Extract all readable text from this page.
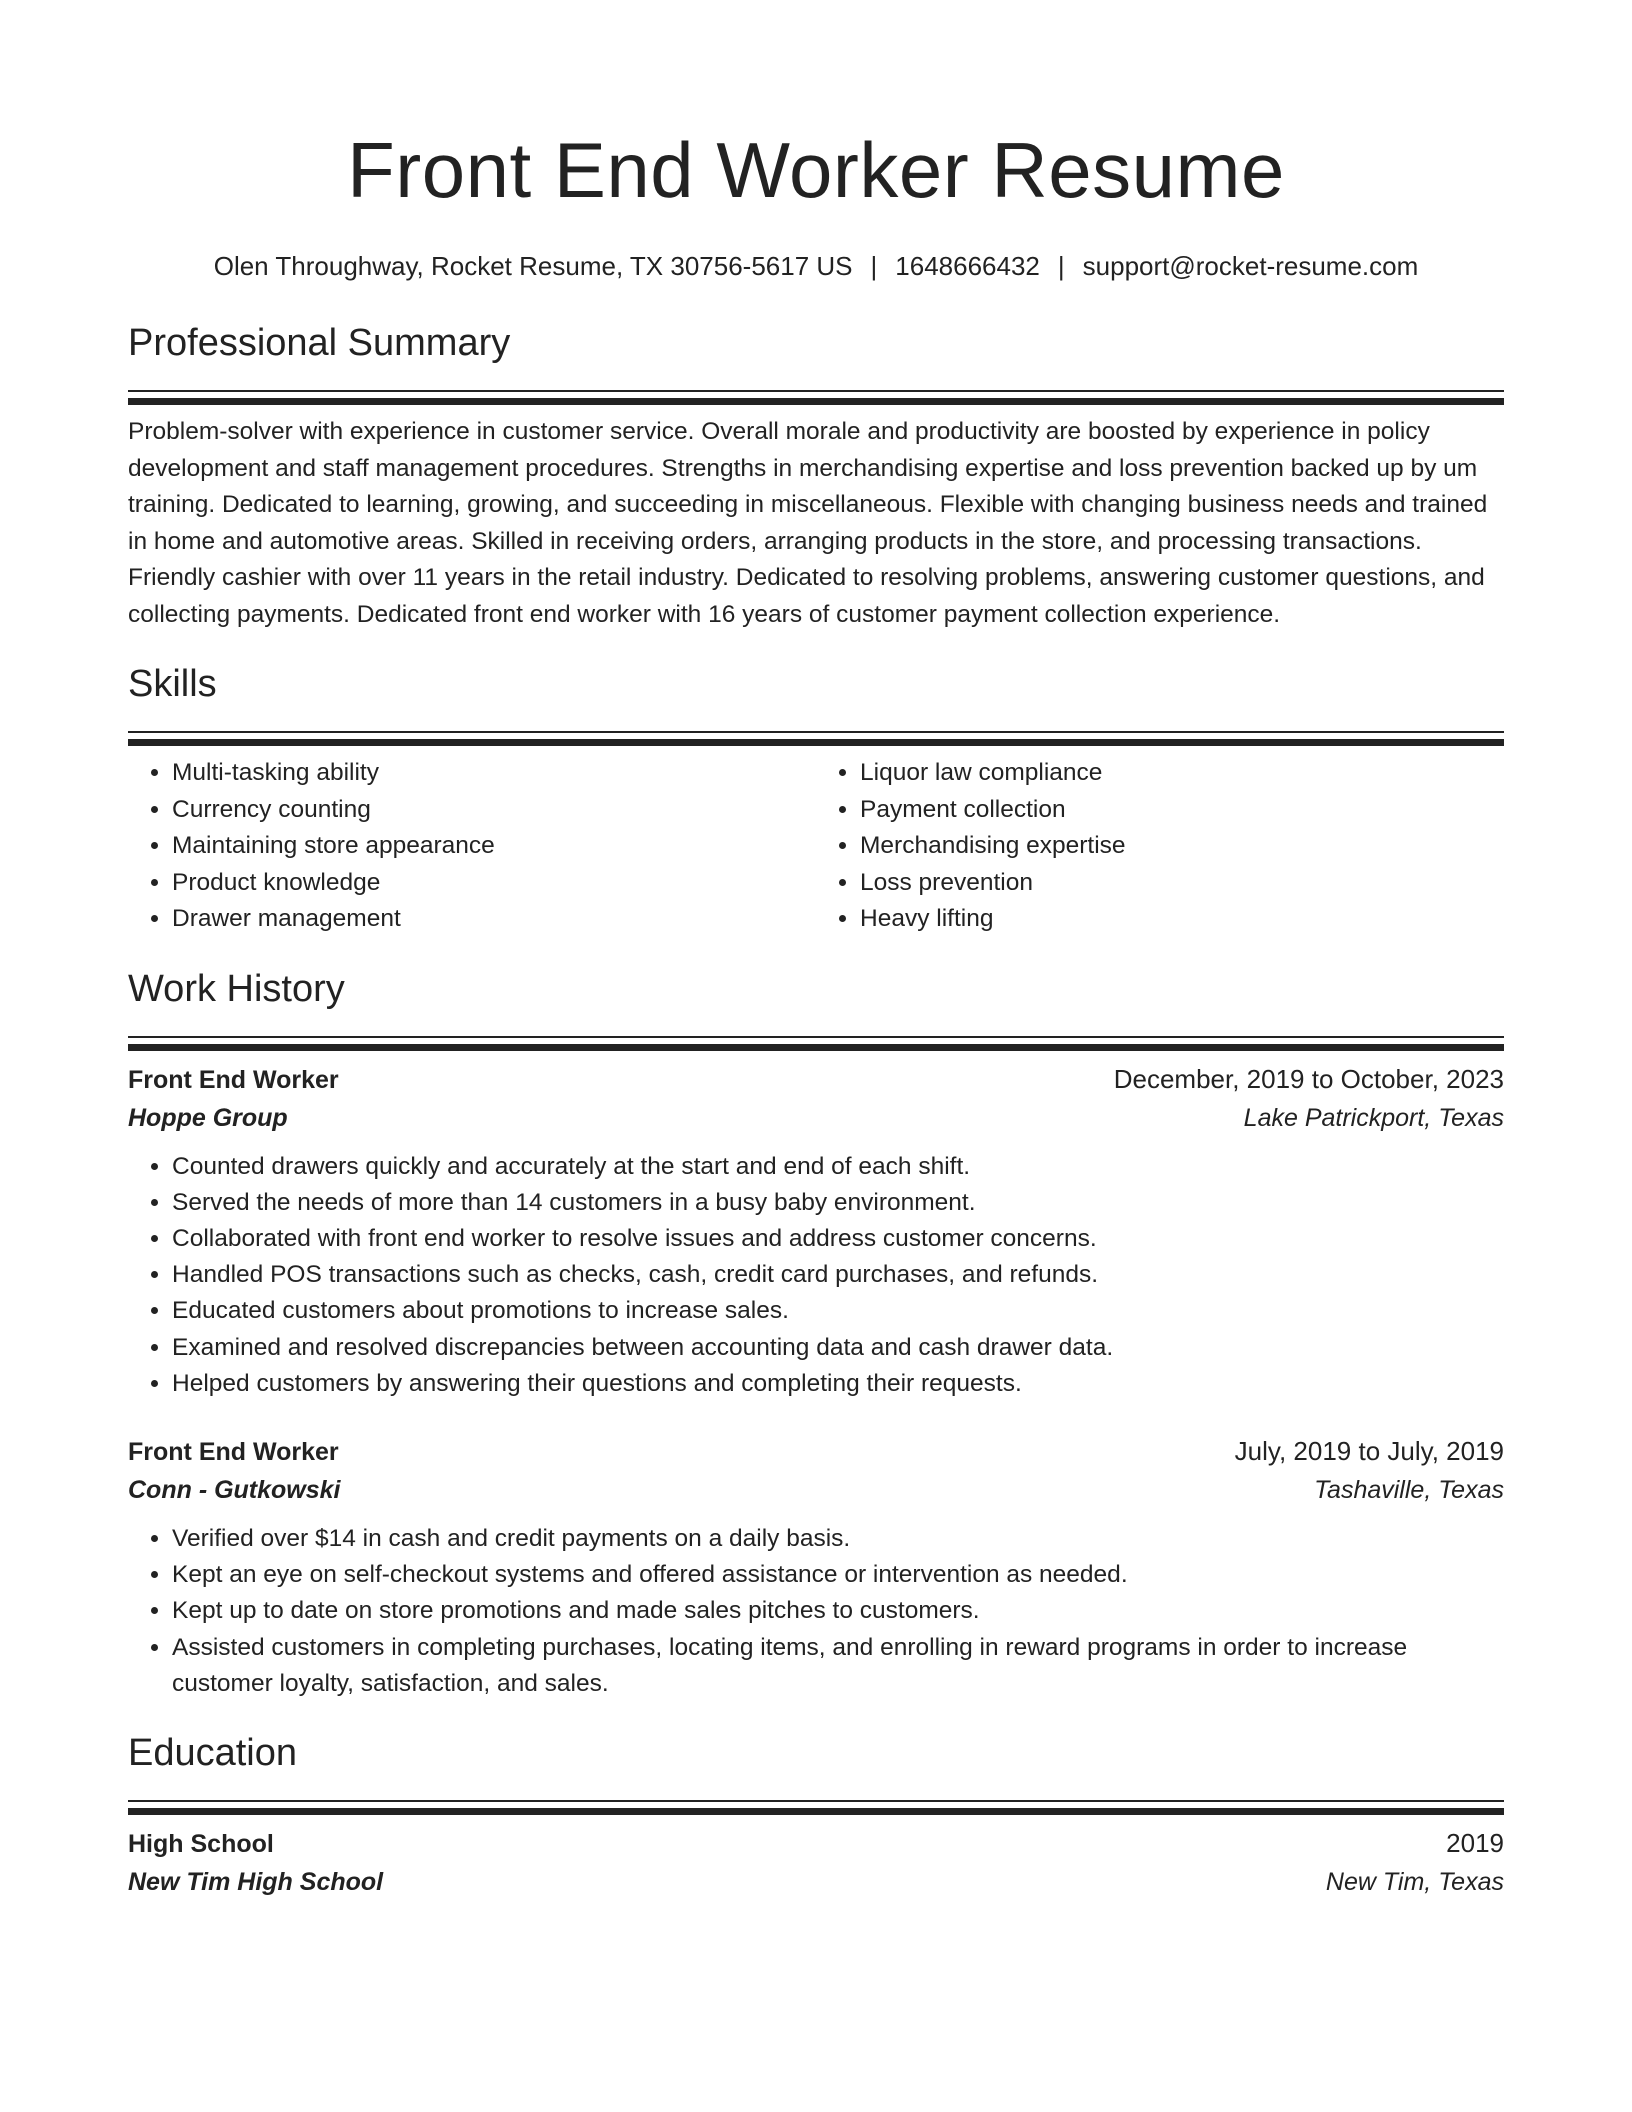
Front End Worker Resume
Olen Throughway, Rocket Resume, TX 30756-5617 US | 1648666432 | support@rocket-resume.com
Professional Summary

Problem-solver with experience in customer service. Overall morale and productivity are boosted by experience in policy development and staff management procedures. Strengths in merchandising expertise and loss prevention backed up by um training. Dedicated to learning, growing, and succeeding in miscellaneous. Flexible with changing business needs and trained in home and automotive areas. Skilled in receiving orders, arranging products in the store, and processing transactions. Friendly cashier with over 11 years in the retail industry. Dedicated to resolving problems, answering customer questions, and collecting payments. Dedicated front end worker with 16 years of customer payment collection experience.

Skills
• Multi-tasking ability
• Currency counting
• Maintaining store appearance
• Product knowledge
• Drawer management
• Liquor law compliance
• Payment collection
• Merchandising expertise
• Loss prevention
• Heavy lifting
Work History
Front End Worker	December, 2019 to October, 2023
Hoppe Group	Lake Patrickport, Texas
• Counted drawers quickly and accurately at the start and end of each shift.
• Served the needs of more than 14 customers in a busy baby environment.
• Collaborated with front end worker to resolve issues and address customer concerns.
• Handled POS transactions such as checks, cash, credit card purchases, and refunds.
• Educated customers about promotions to increase sales.
• Examined and resolved discrepancies between accounting data and cash drawer data.
• Helped customers by answering their questions and completing their requests.
Front End Worker	July, 2019 to July, 2019
Conn - Gutkowski	Tashaville, Texas
• Verified over $14 in cash and credit payments on a daily basis.
• Kept an eye on self-checkout systems and offered assistance or intervention as needed.
• Kept up to date on store promotions and made sales pitches to customers.
• Assisted customers in completing purchases, locating items, and enrolling in reward programs in order to increase customer loyalty, satisfaction, and sales.
Education
High School	2019
New Tim High School	New Tim, Texas
